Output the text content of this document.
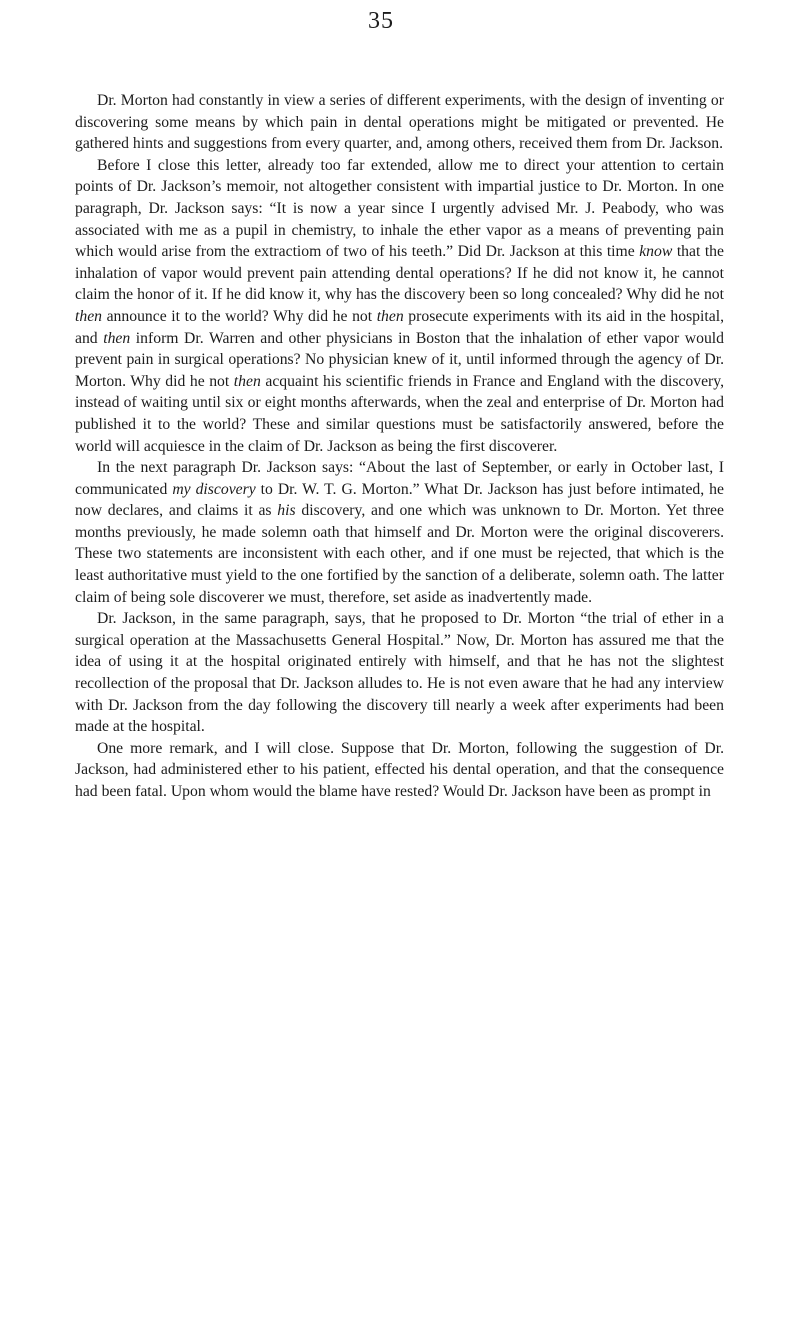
35

Dr. Morton had constantly in view a series of different experiments, with the design of inventing or discovering some means by which pain in dental operations might be mitigated or prevented. He gathered hints and suggestions from every quarter, and, among others, received them from Dr. Jackson.

Before I close this letter, already too far extended, allow me to direct your attention to certain points of Dr. Jackson’s memoir, not altogether consistent with impartial justice to Dr. Morton. In one paragraph, Dr. Jackson says: “It is now a year since I urgently advised Mr. J. Peabody, who was associated with me as a pupil in chemistry, to inhale the ether vapor as a means of preventing pain which would arise from the extractiom of two of his teeth.” Did Dr. Jackson at this time know that the inhalation of vapor would prevent pain attending dental operations? If he did not know it, he cannot claim the honor of it. If he did know it, why has the discovery been so long concealed? Why did he not then announce it to the world? Why did he not then prosecute experiments with its aid in the hospital, and then inform Dr. Warren and other physicians in Boston that the inhalation of ether vapor would prevent pain in surgical operations? No physician knew of it, until informed through the agency of Dr. Morton. Why did he not then acquaint his scientific friends in France and England with the discovery, instead of waiting until six or eight months afterwards, when the zeal and enterprise of Dr. Morton had published it to the world? These and similar questions must be satisfactorily answered, before the world will acquiesce in the claim of Dr. Jackson as being the first discoverer.

In the next paragraph Dr. Jackson says: “About the last of September, or early in October last, I communicated my discovery to Dr. W. T. G. Morton.” What Dr. Jackson has just before intimated, he now declares, and claims it as his discovery, and one which was unknown to Dr. Morton. Yet three months previously, he made solemn oath that himself and Dr. Morton were the original discoverers. These two statements are inconsistent with each other, and if one must be rejected, that which is the least authoritative must yield to the one fortified by the sanction of a deliberate, solemn oath. The latter claim of being sole discoverer we must, therefore, set aside as inadvertently made.

Dr. Jackson, in the same paragraph, says, that he proposed to Dr. Morton “the trial of ether in a surgical operation at the Massachusetts General Hospital.” Now, Dr. Morton has assured me that the idea of using it at the hospital originated entirely with himself, and that he has not the slightest recollection of the proposal that Dr. Jackson alludes to. He is not even aware that he had any interview with Dr. Jackson from the day following the discovery till nearly a week after experiments had been made at the hospital.

One more remark, and I will close. Suppose that Dr. Morton, following the suggestion of Dr. Jackson, had administered ether to his patient, effected his dental operation, and that the consequence had been fatal. Upon whom would the blame have rested? Would Dr. Jackson have been as prompt in
